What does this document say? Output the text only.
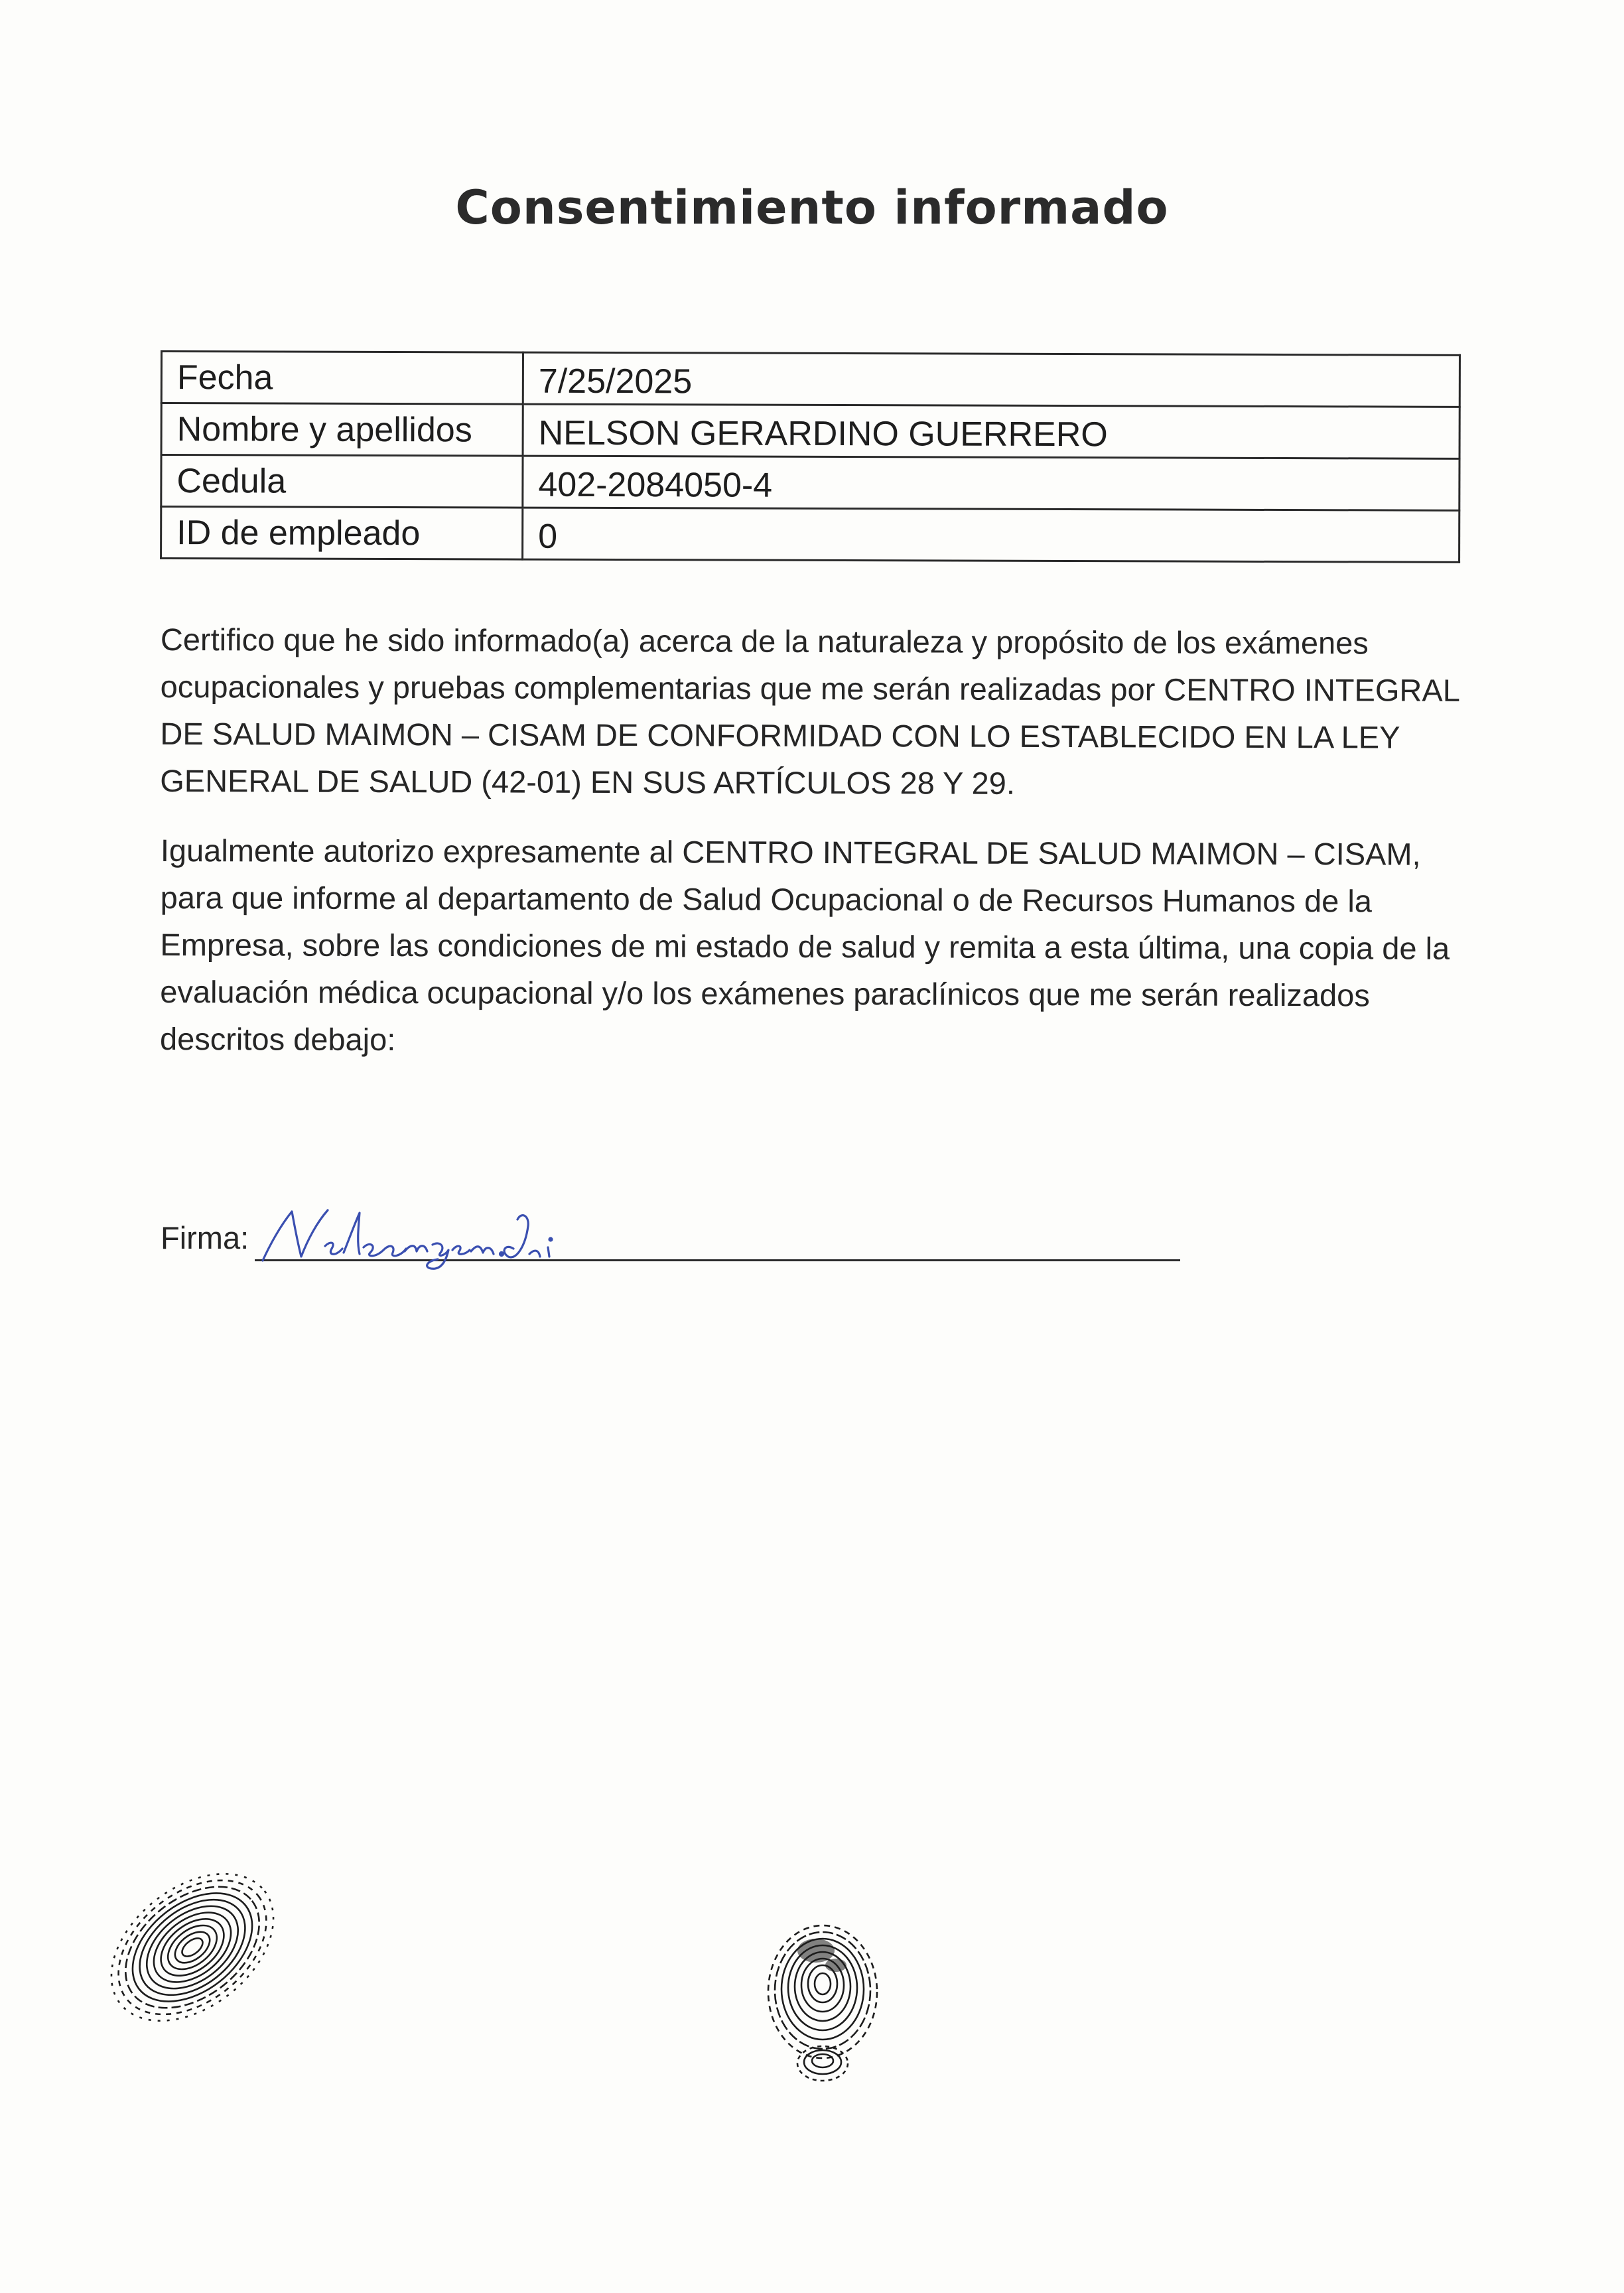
Consentimiento informado
Fecha	7/25/2025
Nombre y apellidos	NELSON GERARDINO GUERRERO
Cedula	402-2084050-4
ID de empleado	0

Certifico que he sido informado(a) acerca de la naturaleza y propósito de los exámenes ocupacionales y pruebas complementarias que me serán realizadas por CENTRO INTEGRAL DE SALUD MAIMON – CISAM DE CONFORMIDAD CON LO ESTABLECIDO EN LA LEY GENERAL DE SALUD (42-01) EN SUS ARTÍCULOS 28 Y 29.

Igualmente autorizo expresamente al CENTRO INTEGRAL DE SALUD MAIMON – CISAM, para que informe al departamento de Salud Ocupacional o de Recursos Humanos de la Empresa, sobre las condiciones de mi estado de salud y remita a esta última, una copia de la evaluación médica ocupacional y/o los exámenes paraclínicos que me serán realizados descritos debajo:

Firma:
